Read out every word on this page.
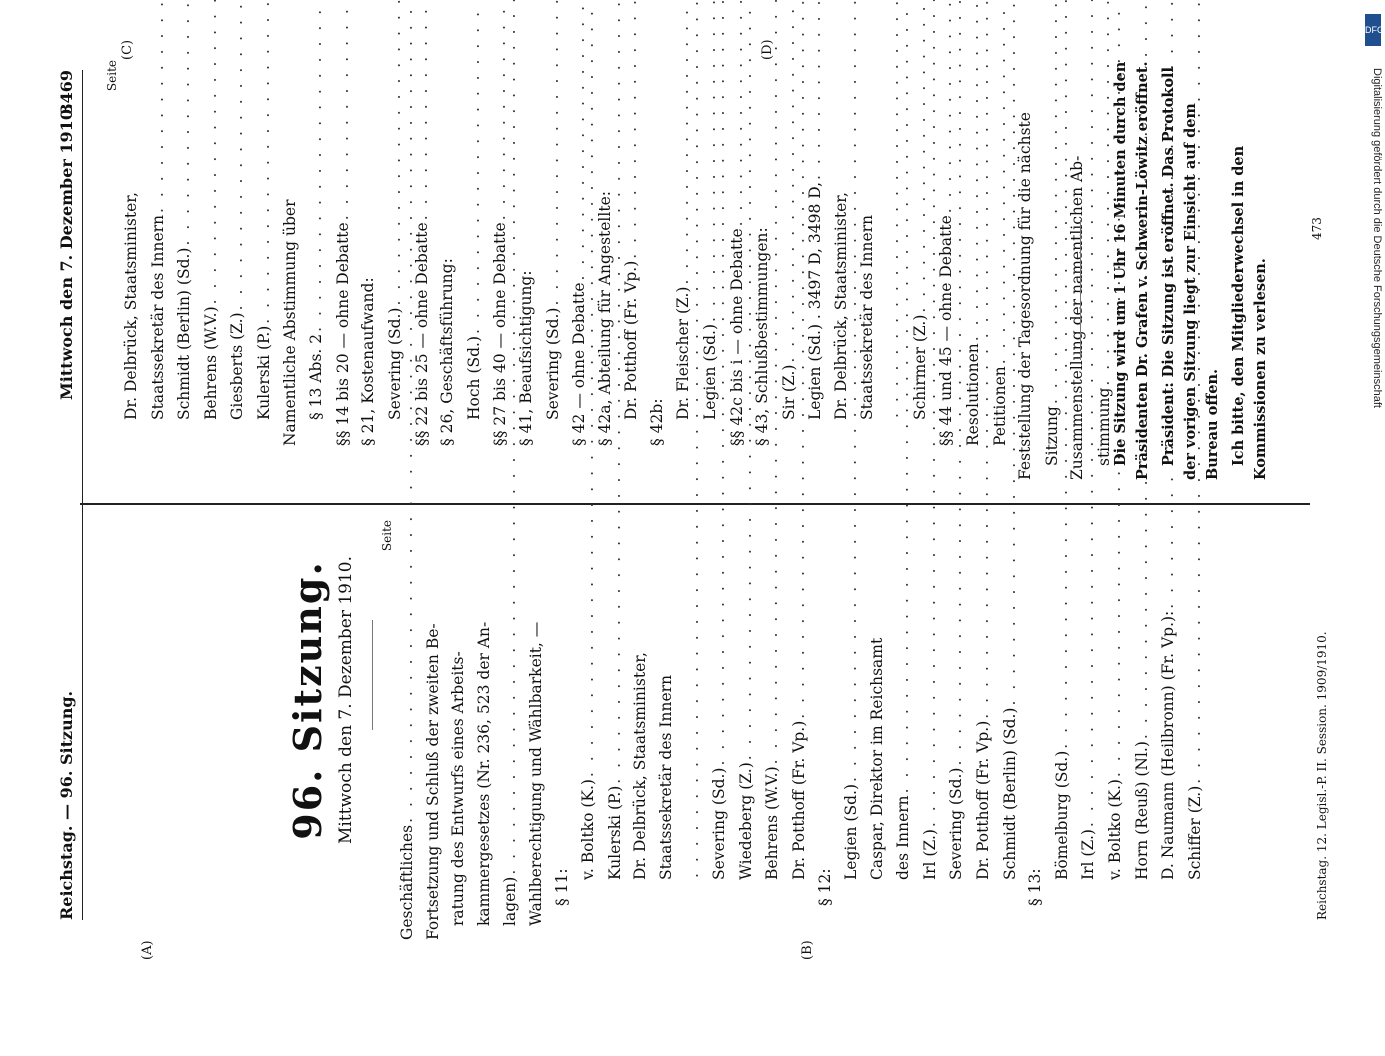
Reichstag. — 96. Sitzung.
Mittwoch den 7. Dezember 1910.
3469
(A)	(B)
(C)	(D)
96. Sitzung. Mittwoch den 7. Dezember 1910.
Seite
Geschäftliches . . . Fortsetzung und Schluß der zweiten Be- ratung des Entwurfs eines Arbeits- kammergesetzes (Nr. 236, 523 der An- lagen) . . . Wahlberechtigung und Wählbarkeit, — § 11:
v. Boltko (K.)
. . . Kulerski (P.) . . . Dr. Delbrück, Staatsminister, Staatssekretär des Innern . . . Severing (Sd.)
. . . Wiedeberg (Z.)
. . . Behrens (W.V.)
. . . Dr. Potthoff (Fr. Vp.)
. . .
§ 12:
Legien (Sd.) . . . Caspar, Direktor im Reichsamt des Innern
. . . Irl (Z.) . . . Severing (Sd.)
. . . Dr. Potthoff (Fr. Vp.)
. . . Schmidt (Berlin) (Sd.)
. . .
§ 13:
Bömelburg (Sd.)
. . . Irl (Z.)
. . . v. Boltko (K.)
. . . Horn (Reuß) (Nl.)
. . . D. Naumann (Heilbronn) (Fr. Vp.):
. . . Schiffer (Z.)
. . .
Seite
Dr. Delbrück, Staatsminister, Staatssekretär des Innern
. . . Schmidt (Berlin) (Sd.)
. . . Behrens (W.V.)
. . . Giesberts (Z.)
. . . Kulerski (P.)
. . . Namentliche Abstimmung über § 13 Abs. 2
. . . §§ 14 bis 20 — ohne Debatte
. . . § 21, Kostenaufwand: Severing (Sd.)
. . . §§ 22 bis 25 — ohne Debatte
. . . § 26, Geschäftsführung: Hoch (Sd.)
. . . §§ 27 bis 40 — ohne Debatte
. . . § 41, Beaufsichtigung: Severing (Sd.)
. . . § 42 — ohne Debatte
. . . § 42a, Abteilung für Angestellte: Dr. Potthoff (Fr. Vp.)
. . .
§ 42b:
Dr. Fleischer (Z.)
. . . Legien (Sd.)
. . . §§ 42c bis i — ohne Debatte
. . . § 43, Schlußbestimmungen: Sir (Z.) . . . Legien (Sd.) . 3497 D, 3498 D,
. . . Dr. Delbrück, Staatsminister, Staatssekretär des Innern . . . Schirmer (Z.)
. . . §§ 44 und 45 — ohne Debatte
. . . Resolutionen
. . . Petitionen . . . Feststellung der Tagesordnung für die nächste Sitzung . . . Zusammenstellung der namentlichen Ab- stimmung . . . Die Sitzung wird um 1 Uhr 16 Minuten durch den Präsidenten Dr. Grafen v. Schwerin-Löwitz eröffnet. Präsident: Die Sitzung ist eröffnet. Das Protokoll der vorigen Sitzung liegt zur Einsicht auf dem Bureau offen. Ich bitte, den Mitgliederwechsel in den Kommissionen zu verlesen.

Reichstag. 12. Legisl.-P. II. Session. 1909/1910.
473
DFG
Digitalisierung gefördert durch die Deutsche Forschungsgemeinschaft
